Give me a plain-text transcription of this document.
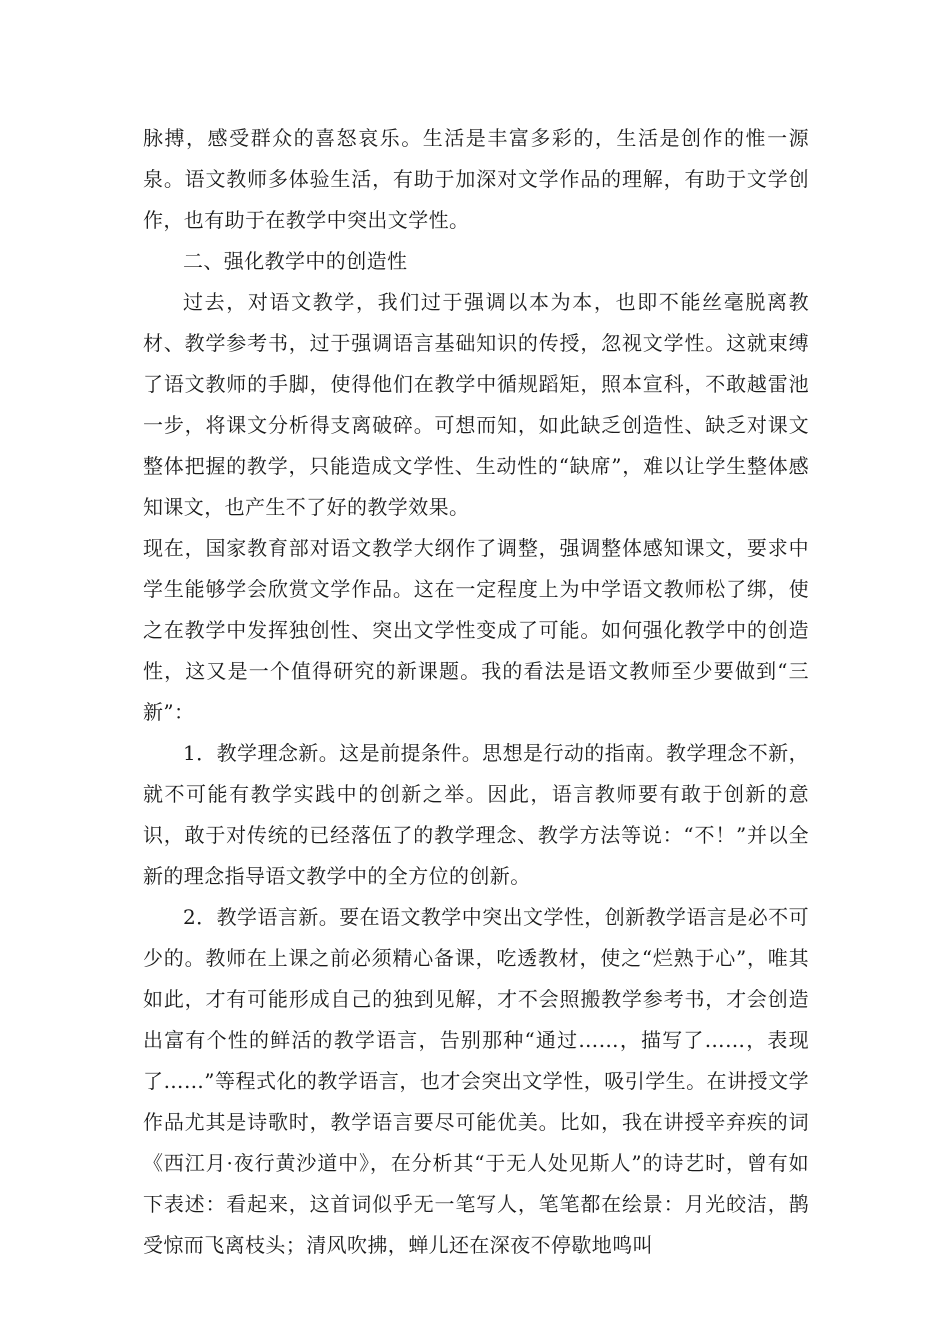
脉搏，感受群众的喜怒哀乐。生活是丰富多彩的，生活是创作的惟一源泉。语文教师多体验生活，有助于加深对文学作品的理解，有助于文学创作，也有助于在教学中突出文学性。

二、强化教学中的创造性

过去，对语文教学，我们过于强调以本为本，也即不能丝毫脱离教材、教学参考书，过于强调语言基础知识的传授，忽视文学性。这就束缚了语文教师的手脚，使得他们在教学中循规蹈矩，照本宣科，不敢越雷池一步，将课文分析得支离破碎。可想而知，如此缺乏创造性、缺乏对课文整体把握的教学，只能造成文学性、生动性的“缺席”，难以让学生整体感知课文，也产生不了好的教学效果。

现在，国家教育部对语文教学大纲作了调整，强调整体感知课文，要求中学生能够学会欣赏文学作品。这在一定程度上为中学语文教师松了绑，使之在教学中发挥独创性、突出文学性变成了可能。如何强化教学中的创造性，这又是一个值得研究的新课题。我的看法是语文教师至少要做到“三新”：

1．教学理念新。这是前提条件。思想是行动的指南。教学理念不新，就不可能有教学实践中的创新之举。因此，语言教师要有敢于创新的意识，敢于对传统的已经落伍了的教学理念、教学方法等说：“不！”并以全新的理念指导语文教学中的全方位的创新。

2．教学语言新。要在语文教学中突出文学性，创新教学语言是必不可少的。教师在上课之前必须精心备课，吃透教材，使之“烂熟于心”，唯其如此，才有可能形成自己的独到见解，才不会照搬教学参考书，才会创造出富有个性的鲜活的教学语言，告别那种“通过……，描写了……，表现了……”等程式化的教学语言，也才会突出文学性，吸引学生。在讲授文学作品尤其是诗歌时，教学语言要尽可能优美。比如，我在讲授辛弃疾的词《西江月·夜行黄沙道中》，在分析其“于无人处见斯人”的诗艺时，曾有如下表述：看起来，这首词似乎无一笔写人，笔笔都在绘景：月光皎洁，鹊受惊而飞离枝头；清风吹拂，蝉儿还在深夜不停歇地鸣叫
